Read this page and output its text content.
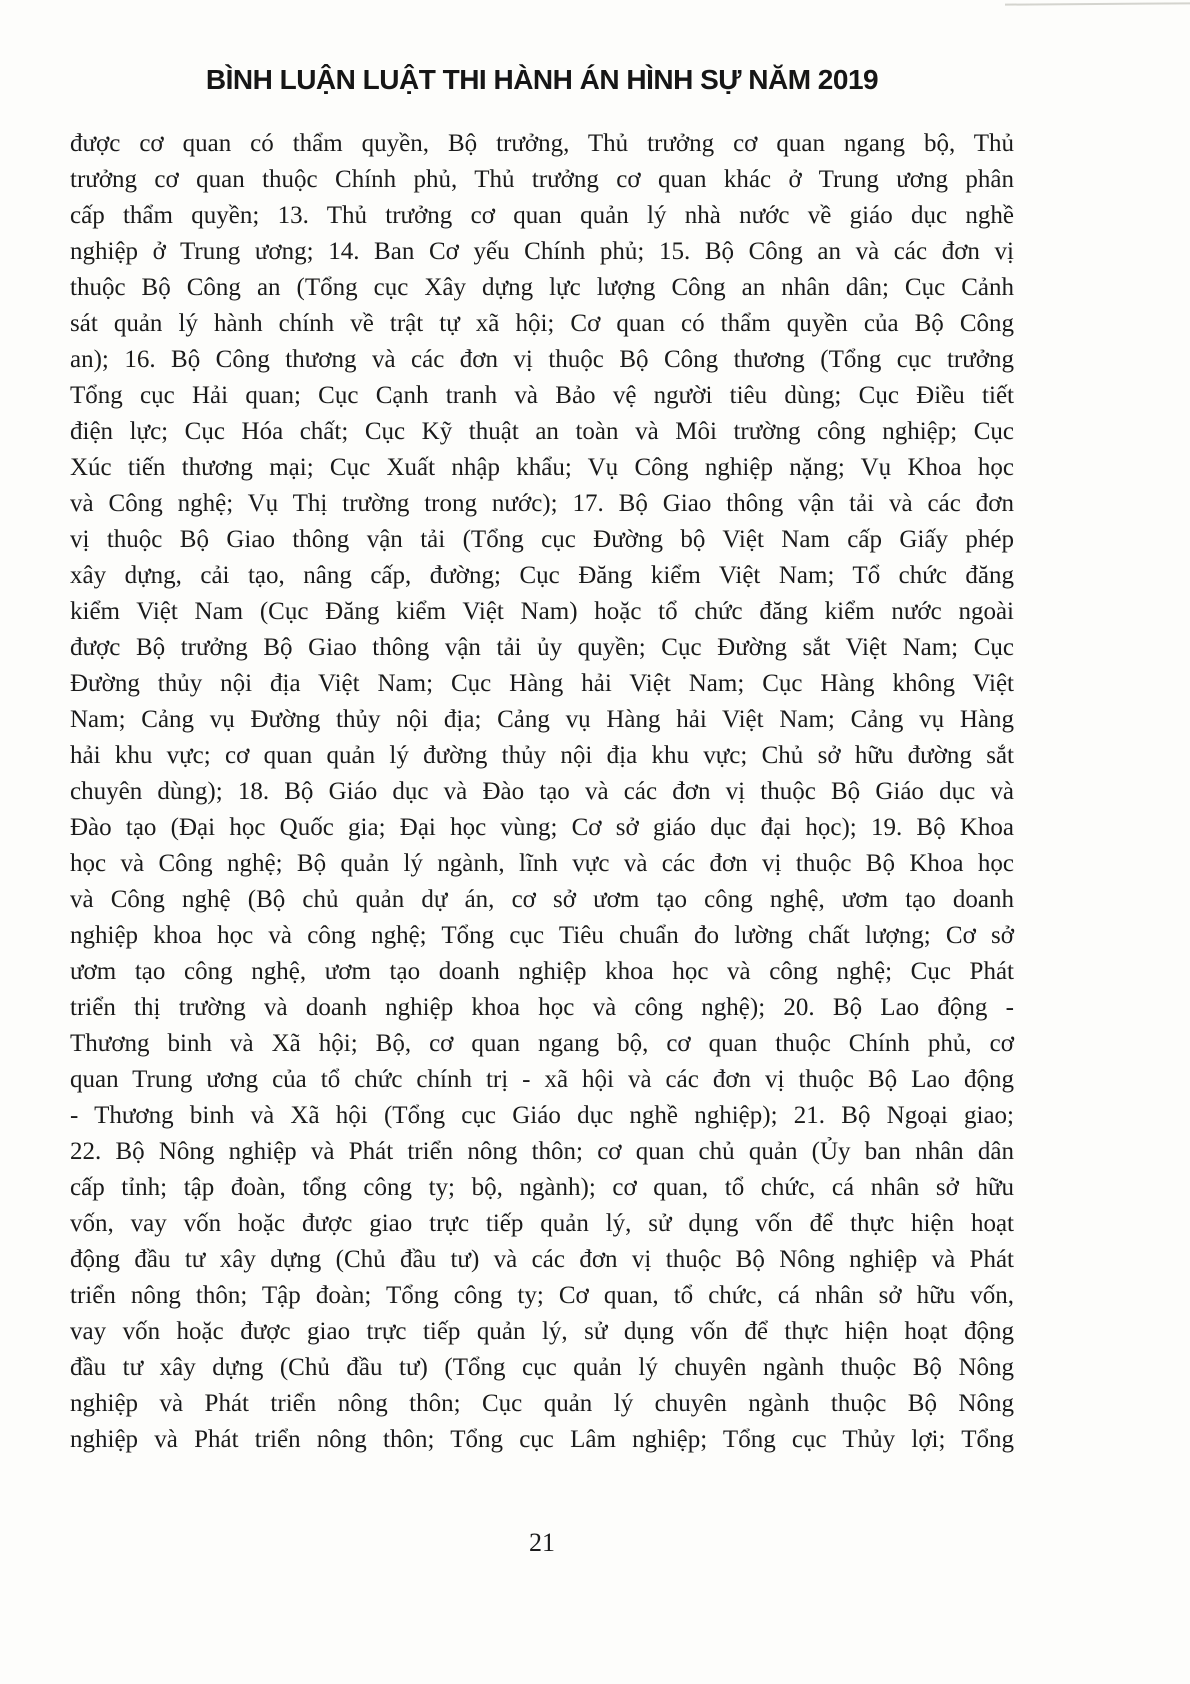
BÌNH LUẬN LUẬT THI HÀNH ÁN HÌNH SỰ NĂM 2019
được cơ quan có thẩm quyền, Bộ trưởng, Thủ trưởng cơ quan ngang bộ, Thủ
trưởng cơ quan thuộc Chính phủ, Thủ trưởng cơ quan khác ở Trung ương phân
cấp thẩm quyền; 13. Thủ trưởng cơ quan quản lý nhà nước về giáo dục nghề
nghiệp ở Trung ương; 14. Ban Cơ yếu Chính phủ; 15. Bộ Công an và các đơn vị
thuộc Bộ Công an (Tổng cục Xây dựng lực lượng Công an nhân dân; Cục Cảnh
sát quản lý hành chính về trật tự xã hội; Cơ quan có thẩm quyền của Bộ Công
an); 16. Bộ Công thương và các đơn vị thuộc Bộ Công thương (Tổng cục trưởng
Tổng cục Hải quan; Cục Cạnh tranh và Bảo vệ người tiêu dùng; Cục Điều tiết
điện lực; Cục Hóa chất; Cục Kỹ thuật an toàn và Môi trường công nghiệp; Cục
Xúc tiến thương mại; Cục Xuất nhập khẩu; Vụ Công nghiệp nặng; Vụ Khoa học
và Công nghệ; Vụ Thị trường trong nước); 17. Bộ Giao thông vận tải và các đơn
vị thuộc Bộ Giao thông vận tải (Tổng cục Đường bộ Việt Nam cấp Giấy phép
xây dựng, cải tạo, nâng cấp, đường; Cục Đăng kiểm Việt Nam; Tổ chức đăng
kiểm Việt Nam (Cục Đăng kiểm Việt Nam) hoặc tổ chức đăng kiểm nước ngoài
được Bộ trưởng Bộ Giao thông vận tải ủy quyền; Cục Đường sắt Việt Nam; Cục
Đường thủy nội địa Việt Nam; Cục Hàng hải Việt Nam; Cục Hàng không Việt
Nam; Cảng vụ Đường thủy nội địa; Cảng vụ Hàng hải Việt Nam; Cảng vụ Hàng
hải khu vực; cơ quan quản lý đường thủy nội địa khu vực; Chủ sở hữu đường sắt
chuyên dùng); 18. Bộ Giáo dục và Đào tạo và các đơn vị thuộc Bộ Giáo dục và
Đào tạo (Đại học Quốc gia; Đại học vùng; Cơ sở giáo dục đại học); 19. Bộ Khoa
học và Công nghệ; Bộ quản lý ngành, lĩnh vực và các đơn vị thuộc Bộ Khoa học
và Công nghệ (Bộ chủ quản dự án, cơ sở ươm tạo công nghệ, ươm tạo doanh
nghiệp khoa học và công nghệ; Tổng cục Tiêu chuẩn đo lường chất lượng; Cơ sở
ươm tạo công nghệ, ươm tạo doanh nghiệp khoa học và công nghệ; Cục Phát
triển thị trường và doanh nghiệp khoa học và công nghệ); 20. Bộ Lao động -
Thương binh và Xã hội; Bộ, cơ quan ngang bộ, cơ quan thuộc Chính phủ, cơ
quan Trung ương của tổ chức chính trị - xã hội và các đơn vị thuộc Bộ Lao động
- Thương binh và Xã hội (Tổng cục Giáo dục nghề nghiệp); 21. Bộ Ngoại giao;
22. Bộ Nông nghiệp và Phát triển nông thôn; cơ quan chủ quản (Ủy ban nhân dân
cấp tỉnh; tập đoàn, tổng công ty; bộ, ngành); cơ quan, tổ chức, cá nhân sở hữu
vốn, vay vốn hoặc được giao trực tiếp quản lý, sử dụng vốn để thực hiện hoạt
động đầu tư xây dựng (Chủ đầu tư) và các đơn vị thuộc Bộ Nông nghiệp và Phát
triển nông thôn; Tập đoàn; Tổng công ty; Cơ quan, tổ chức, cá nhân sở hữu vốn,
vay vốn hoặc được giao trực tiếp quản lý, sử dụng vốn để thực hiện hoạt động
đầu tư xây dựng (Chủ đầu tư) (Tổng cục quản lý chuyên ngành thuộc Bộ Nông
nghiệp và Phát triển nông thôn; Cục quản lý chuyên ngành thuộc Bộ Nông
nghiệp và Phát triển nông thôn; Tổng cục Lâm nghiệp; Tổng cục Thủy lợi; Tổng
21
